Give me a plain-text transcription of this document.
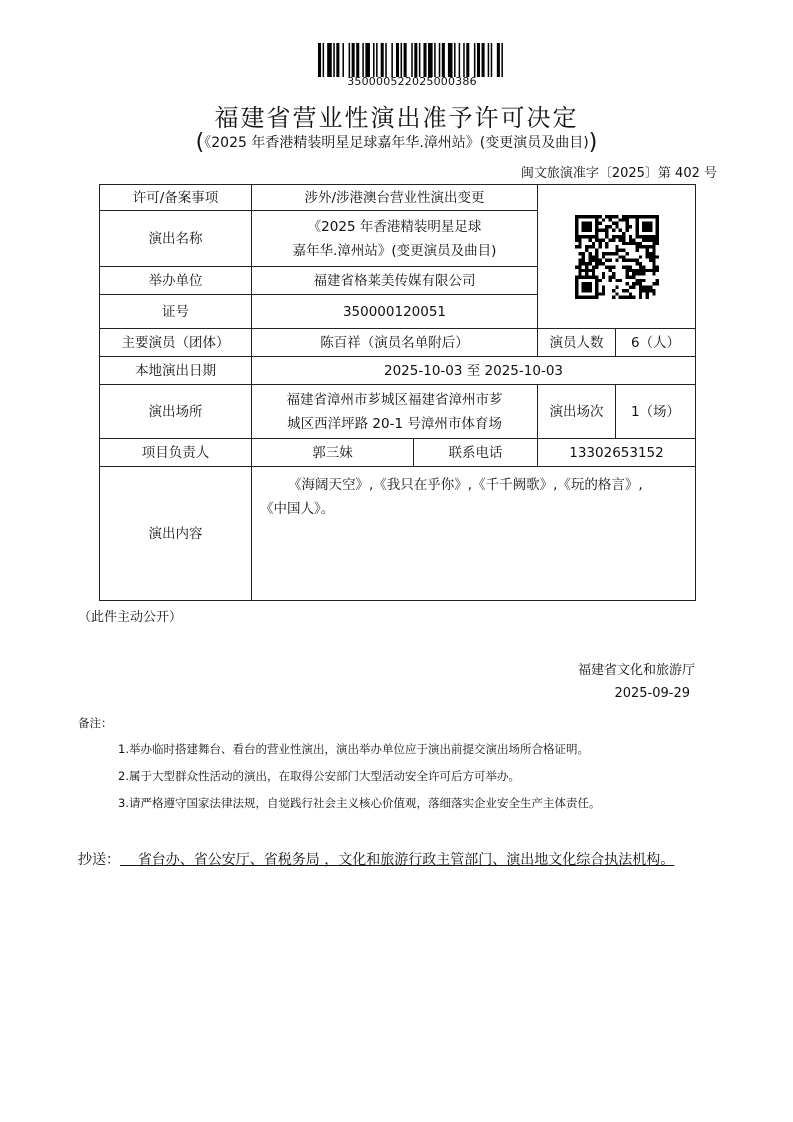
350000522025000386
福建省营业性演出准予许可决定
(《2025 年香港精装明星足球嘉年华.漳州站》(变更演员及曲目))
闽文旅演准字〔2025〕第 402 号
许可/备案事项	涉外/涉港澳台营业性演出变更	

演出名称	《2025 年香港精装明星足球
嘉年华.漳州站》(变更演员及曲目)			

举办单位	福建省格莱美传媒有限公司			
证号	350000120051			
主要演员（团体）	陈百祥（演员名单附后）		演员人数	6（人）
本地演出日期	2025-10-03 至 2025-10-03			
演出场所	福建省漳州市芗城区福建省漳州市芗
城区西洋坪路 20-1 号漳州市体育场		演出场次	1（场）
项目负责人	郭三妹	联系电话	13302653152	
演出内容	《海阔天空》,《我只在乎你》,《千千阙歌》,《玩的格言》,
《中国人》。			
（此件主动公开）
福建省文化和旅游厅
2025-09-29
备注：
1.举办临时搭建舞台、看台的营业性演出，演出举办单位应于演出前提交演出场所合格证明。
2.属于大型群众性活动的演出，在取得公安部门大型活动安全许可后方可举办。
3.请严格遵守国家法律法规，自觉践行社会主义核心价值观，落细落实企业安全生产主体责任。
抄送： 省台办、省公安厅、省税务局 ，文化和旅游行政主管部门、演出地文化综合执法机构。
